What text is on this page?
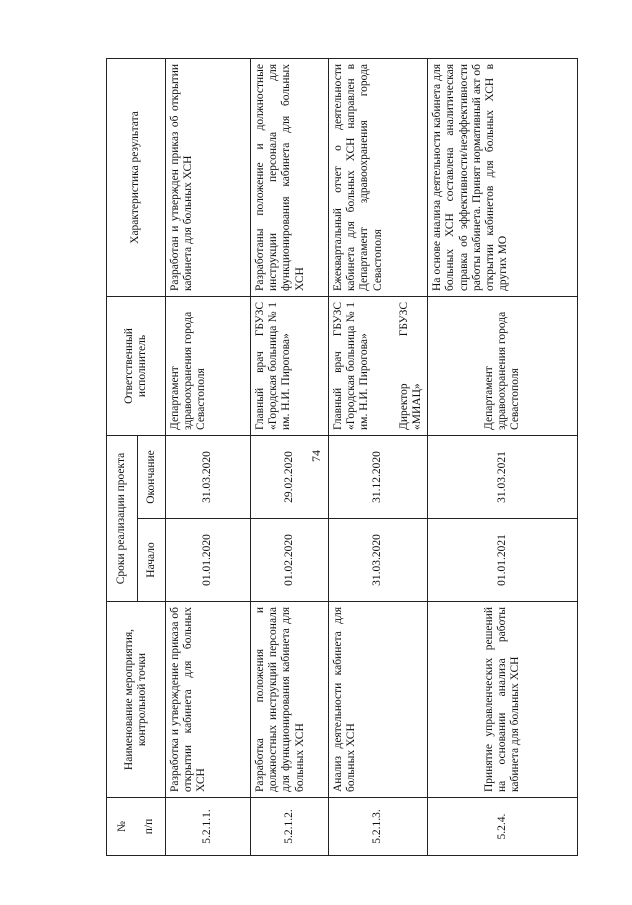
74
№ п/п	Наименование мероприятия, контрольной точки	Сроки реализации проекта		Ответственный исполнитель	Характеристика результата
		Начало	Окончание		
5.2.1.1.	Разработка и утверждение приказа об открытии кабинета для больных ХСН	01.01.2020	31.03.2020	Департамент здравоохранения города Севастополя	Разработан и утвержден приказ об открытии кабинета для больных ХСН
5.2.1.2.	Разработка положения и должностных инструкций персонала для функционирования кабинета для больных ХСН	01.02.2020	29.02.2020	Главный врач ГБУЗС «Городская больница № 1 им. Н.И. Пирогова»	Разработаны положение и должностные инструкции персонала для функционирования кабинета для больных ХСН
5.2.1.3.	Анализ деятельности кабинета для больных ХСН	31.03.2020	31.12.2020	Главный врач ГБУЗС «Городская больница № 1 им. Н.И. Пирогова» Директор ГБУЗС «МИАЦ»	Ежеквартальный отчет о деятельности кабинета для больных ХСН направлен в Департамент здравоохранения города Севастополя
5.2.4.	Принятие управленческих решений на основании анализа работы кабинета для больных ХСН	01.01.2021	31.03.2021	Департамент здравоохранения города Севастополя	На основе анализа деятельности кабинета для больных ХСН составлена аналитическая справка об эффективности/неэффективности работы кабинета. Принят нормативный акт об открытии кабинетов для больных ХСН в других МО
